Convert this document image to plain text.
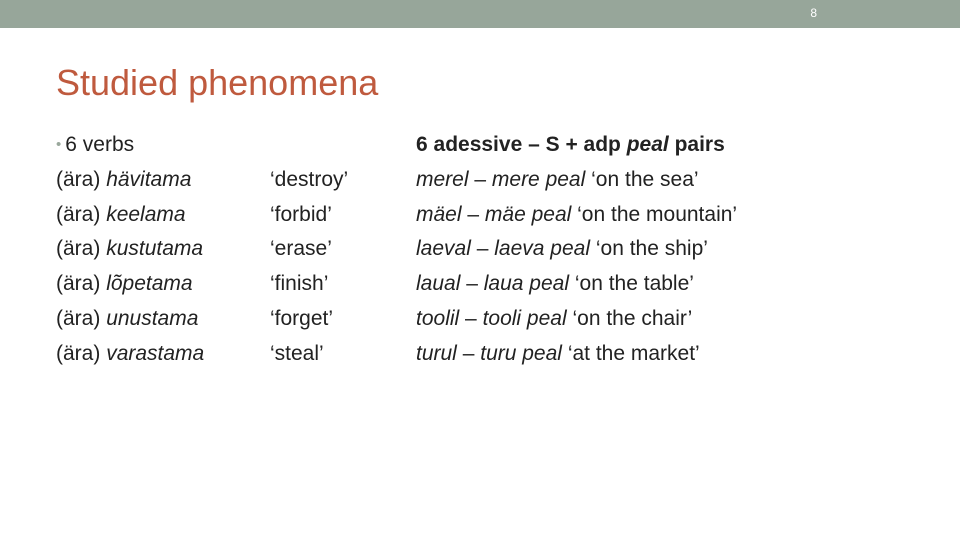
8
Studied phenomena
• 6 verbs
(ära) hävitama
(ära) keelama
(ära) kustutama
(ära) lõpetama
(ära) unustama
(ära) varastama

‘destroy’
‘forbid’
‘erase’
‘finish’
‘forget’
‘steal’
6 adessive – S + adp peal pairs
merel – mere peal ‘on the sea’
mäel – mäe peal ‘on the mountain’
laeval – laeva peal ‘on the ship’
laual – laua peal ‘on the table’
toolil – tooli peal ‘on the chair’
turul – turu peal ‘at the market’
